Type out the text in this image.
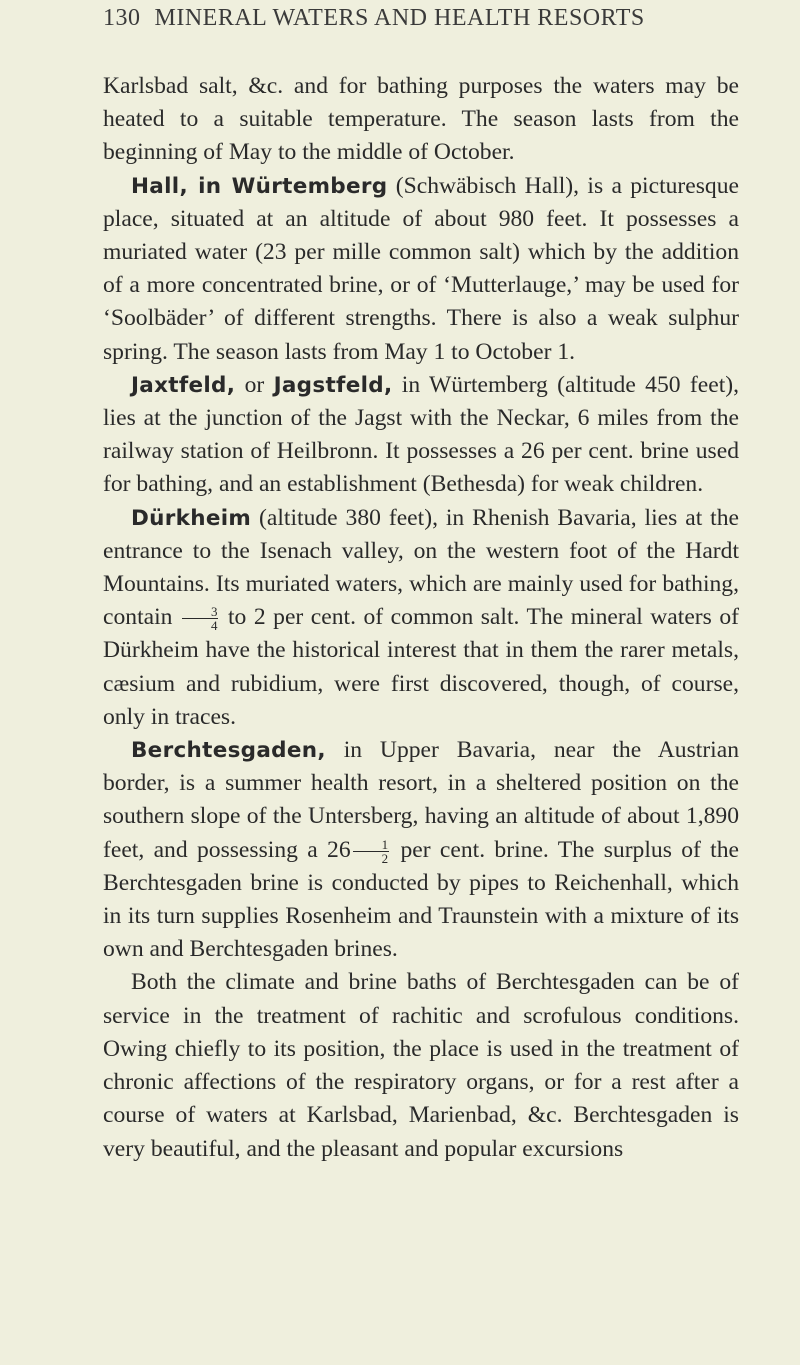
130 MINERAL WATERS AND HEALTH RESORTS

Karlsbad salt, &c. and for bathing purposes the waters may be heated to a suitable temperature. The season lasts from the beginning of May to the middle of October.

Hall, in Würtemberg (Schwäbisch Hall), is a picturesque place, situated at an altitude of about 980 feet. It possesses a muriated water (23 per mille common salt) which by the addition of a more concentrated brine, or of ‘Mutterlauge,’ may be used for ‘Soolbäder’ of different strengths. There is also a weak sulphur spring. The season lasts from May 1 to October 1.

Jaxtfeld, or Jagstfeld, in Würtemberg (altitude 450 feet), lies at the junction of the Jagst with the Neckar, 6 miles from the railway station of Heilbronn. It possesses a 26 per cent. brine used for bathing, and an establishment (Bethesda) for weak children.

Dürkheim (altitude 380 feet), in Rhenish Bavaria, lies at the entrance to the Isenach valley, on the western foot of the Hardt Mountains. Its muriated waters, which are mainly used for bathing, contain $\frac{3}{4}$ to 2 per cent. of common salt. The mineral waters of Dürkheim have the historical interest that in them the rarer metals, cæsium and rubidium, were first discovered, though, of course, only in traces.

Berchtesgaden, in Upper Bavaria, near the Austrian border, is a summer health resort, in a sheltered position on the southern slope of the Untersberg, having an altitude of about 1,890 feet, and possessing a $26 \frac{1}{2}$ per cent. brine. The surplus of the Berchtesgaden brine is conducted by pipes to Reichenhall, which in its turn supplies Rosenheim and Traunstein with a mixture of its own and Berchtesgaden brines.

Both the climate and brine baths of Berchtesgaden can be of service in the treatment of rachitic and scrofulous conditions. Owing chiefly to its position, the place is used in the treatment of chronic affections of the respiratory organs, or for a rest after a course of waters at Karlsbad, Marienbad, &c. Berchtesgaden is very beautiful, and the pleasant and popular excursions
